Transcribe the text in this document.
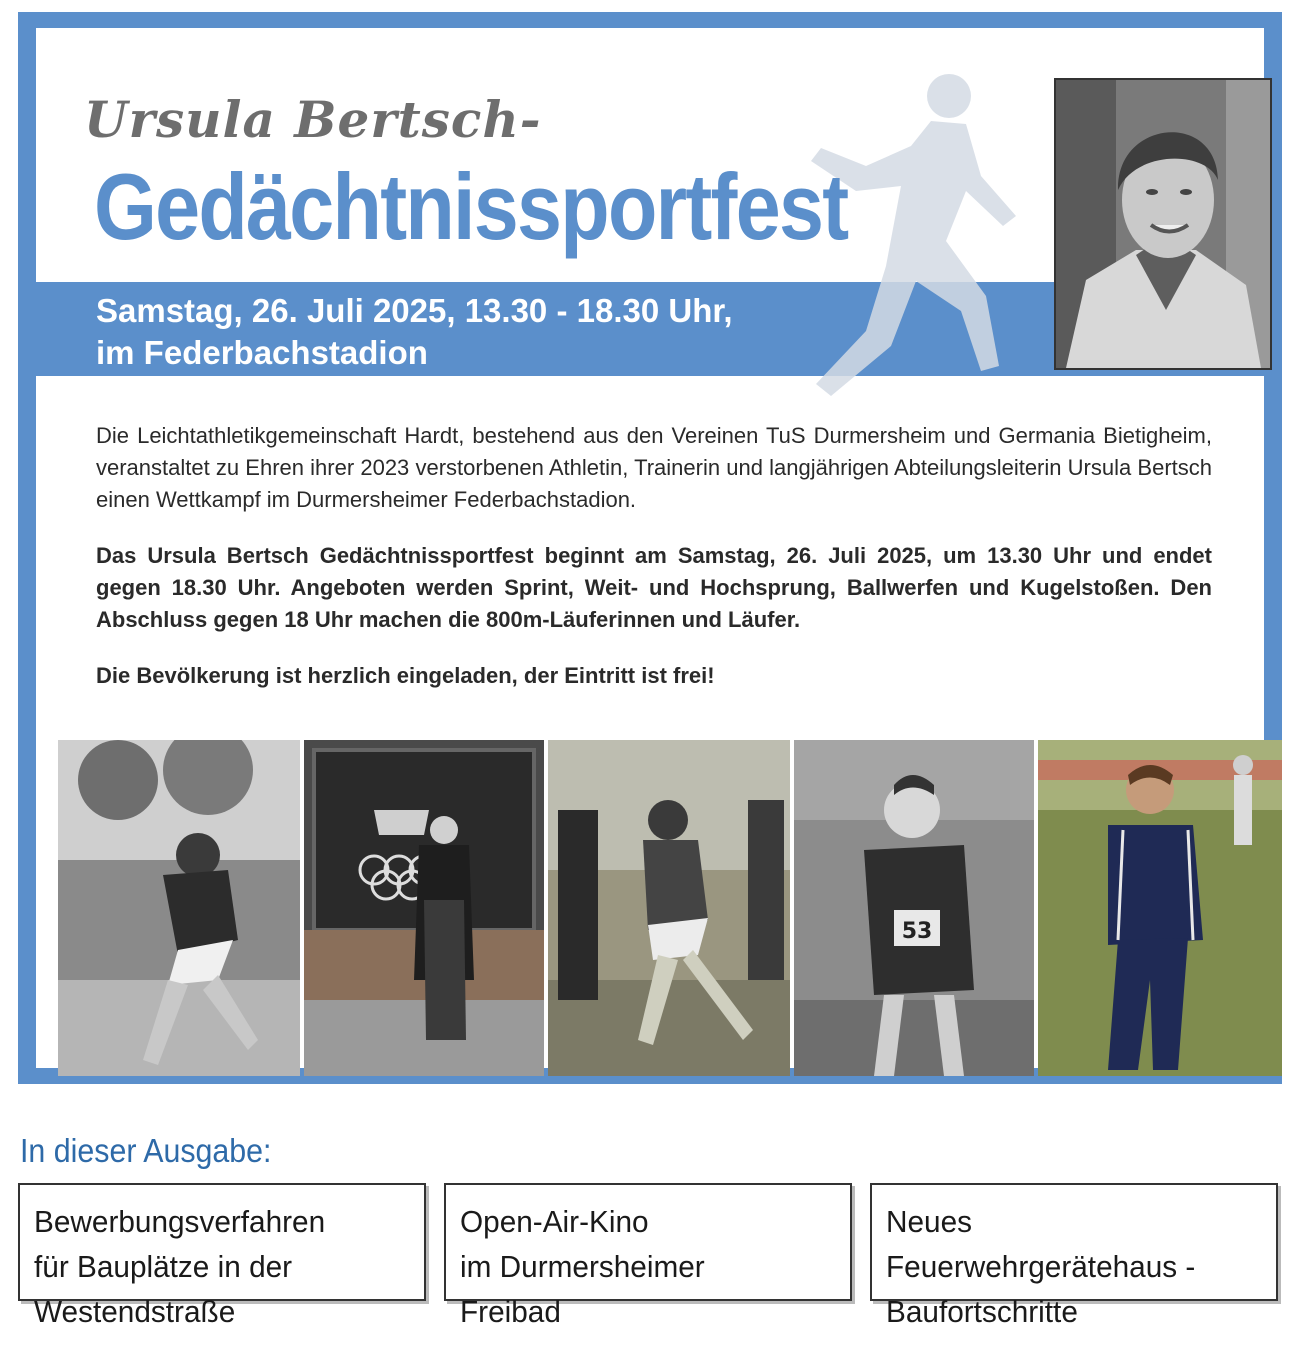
Ursula Bertsch-
Gedächtnissportfest
Samstag, 26. Juli 2025, 13.30 - 18.30 Uhr,
im Federbachstadion

Die Leichtathletikgemeinschaft Hardt, bestehend aus den Vereinen TuS Durmersheim und Germania Bietigheim, veranstaltet zu Ehren ihrer 2023 verstorbenen Athletin, Trainerin und langjährigen Abteilungsleiterin Ursula Bertsch einen Wettkampf im Durmersheimer Federbachstadion.

Das Ursula Bertsch Gedächtnissportfest beginnt am Samstag, 26. Juli 2025, um 13.30 Uhr und endet gegen 18.30 Uhr. Angeboten werden Sprint, Weit- und Hochsprung, Ballwerfen und Kugelstoßen. Den Abschluss gegen 18 Uhr machen die 800m-Läuferinnen und Läufer.

Die Bevölkerung ist herzlich eingeladen, der Eintritt ist frei!

53
In dieser Ausgabe:
Bewerbungsverfahren
für Bauplätze in der
Westendstraße
Open-Air-Kino
im Durmersheimer
Freibad
Neues
Feuerwehrgerätehaus -
Baufortschritte
